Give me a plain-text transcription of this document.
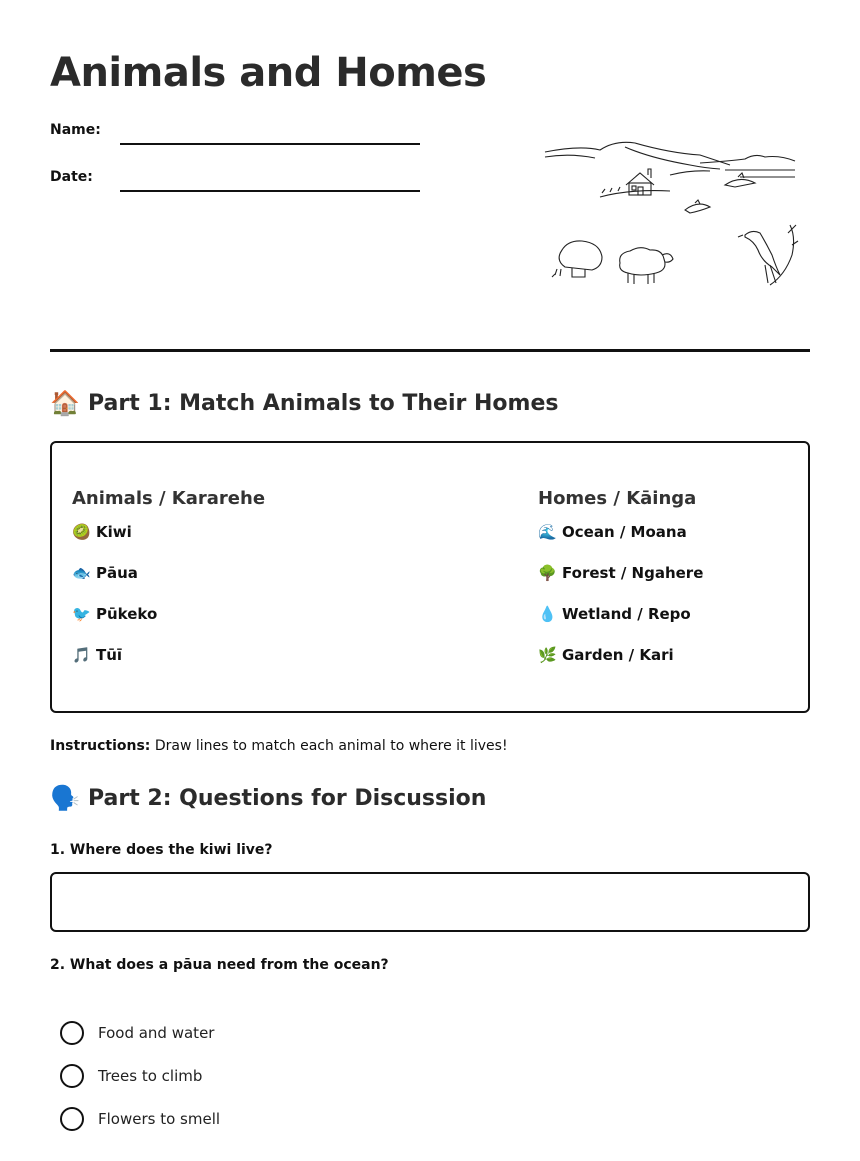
Animals and Homes
Name:
Date:
🏠 Part 1: Match Animals to Their Homes
Animals / Kararehe
🥝 Kiwi
🐟 Pāua
🐦 Pūkeko
🎵 Tūī
Homes / Kāinga
🌊 Ocean / Moana
🌳 Forest / Ngahere
💧 Wetland / Repo
🌿 Garden / Kari
Instructions: Draw lines to match each animal to where it lives!
🗣️ Part 2: Questions for Discussion
1. Where does the kiwi live?
2. What does a pāua need from the ocean?
Food and water
Trees to climb
Flowers to smell
